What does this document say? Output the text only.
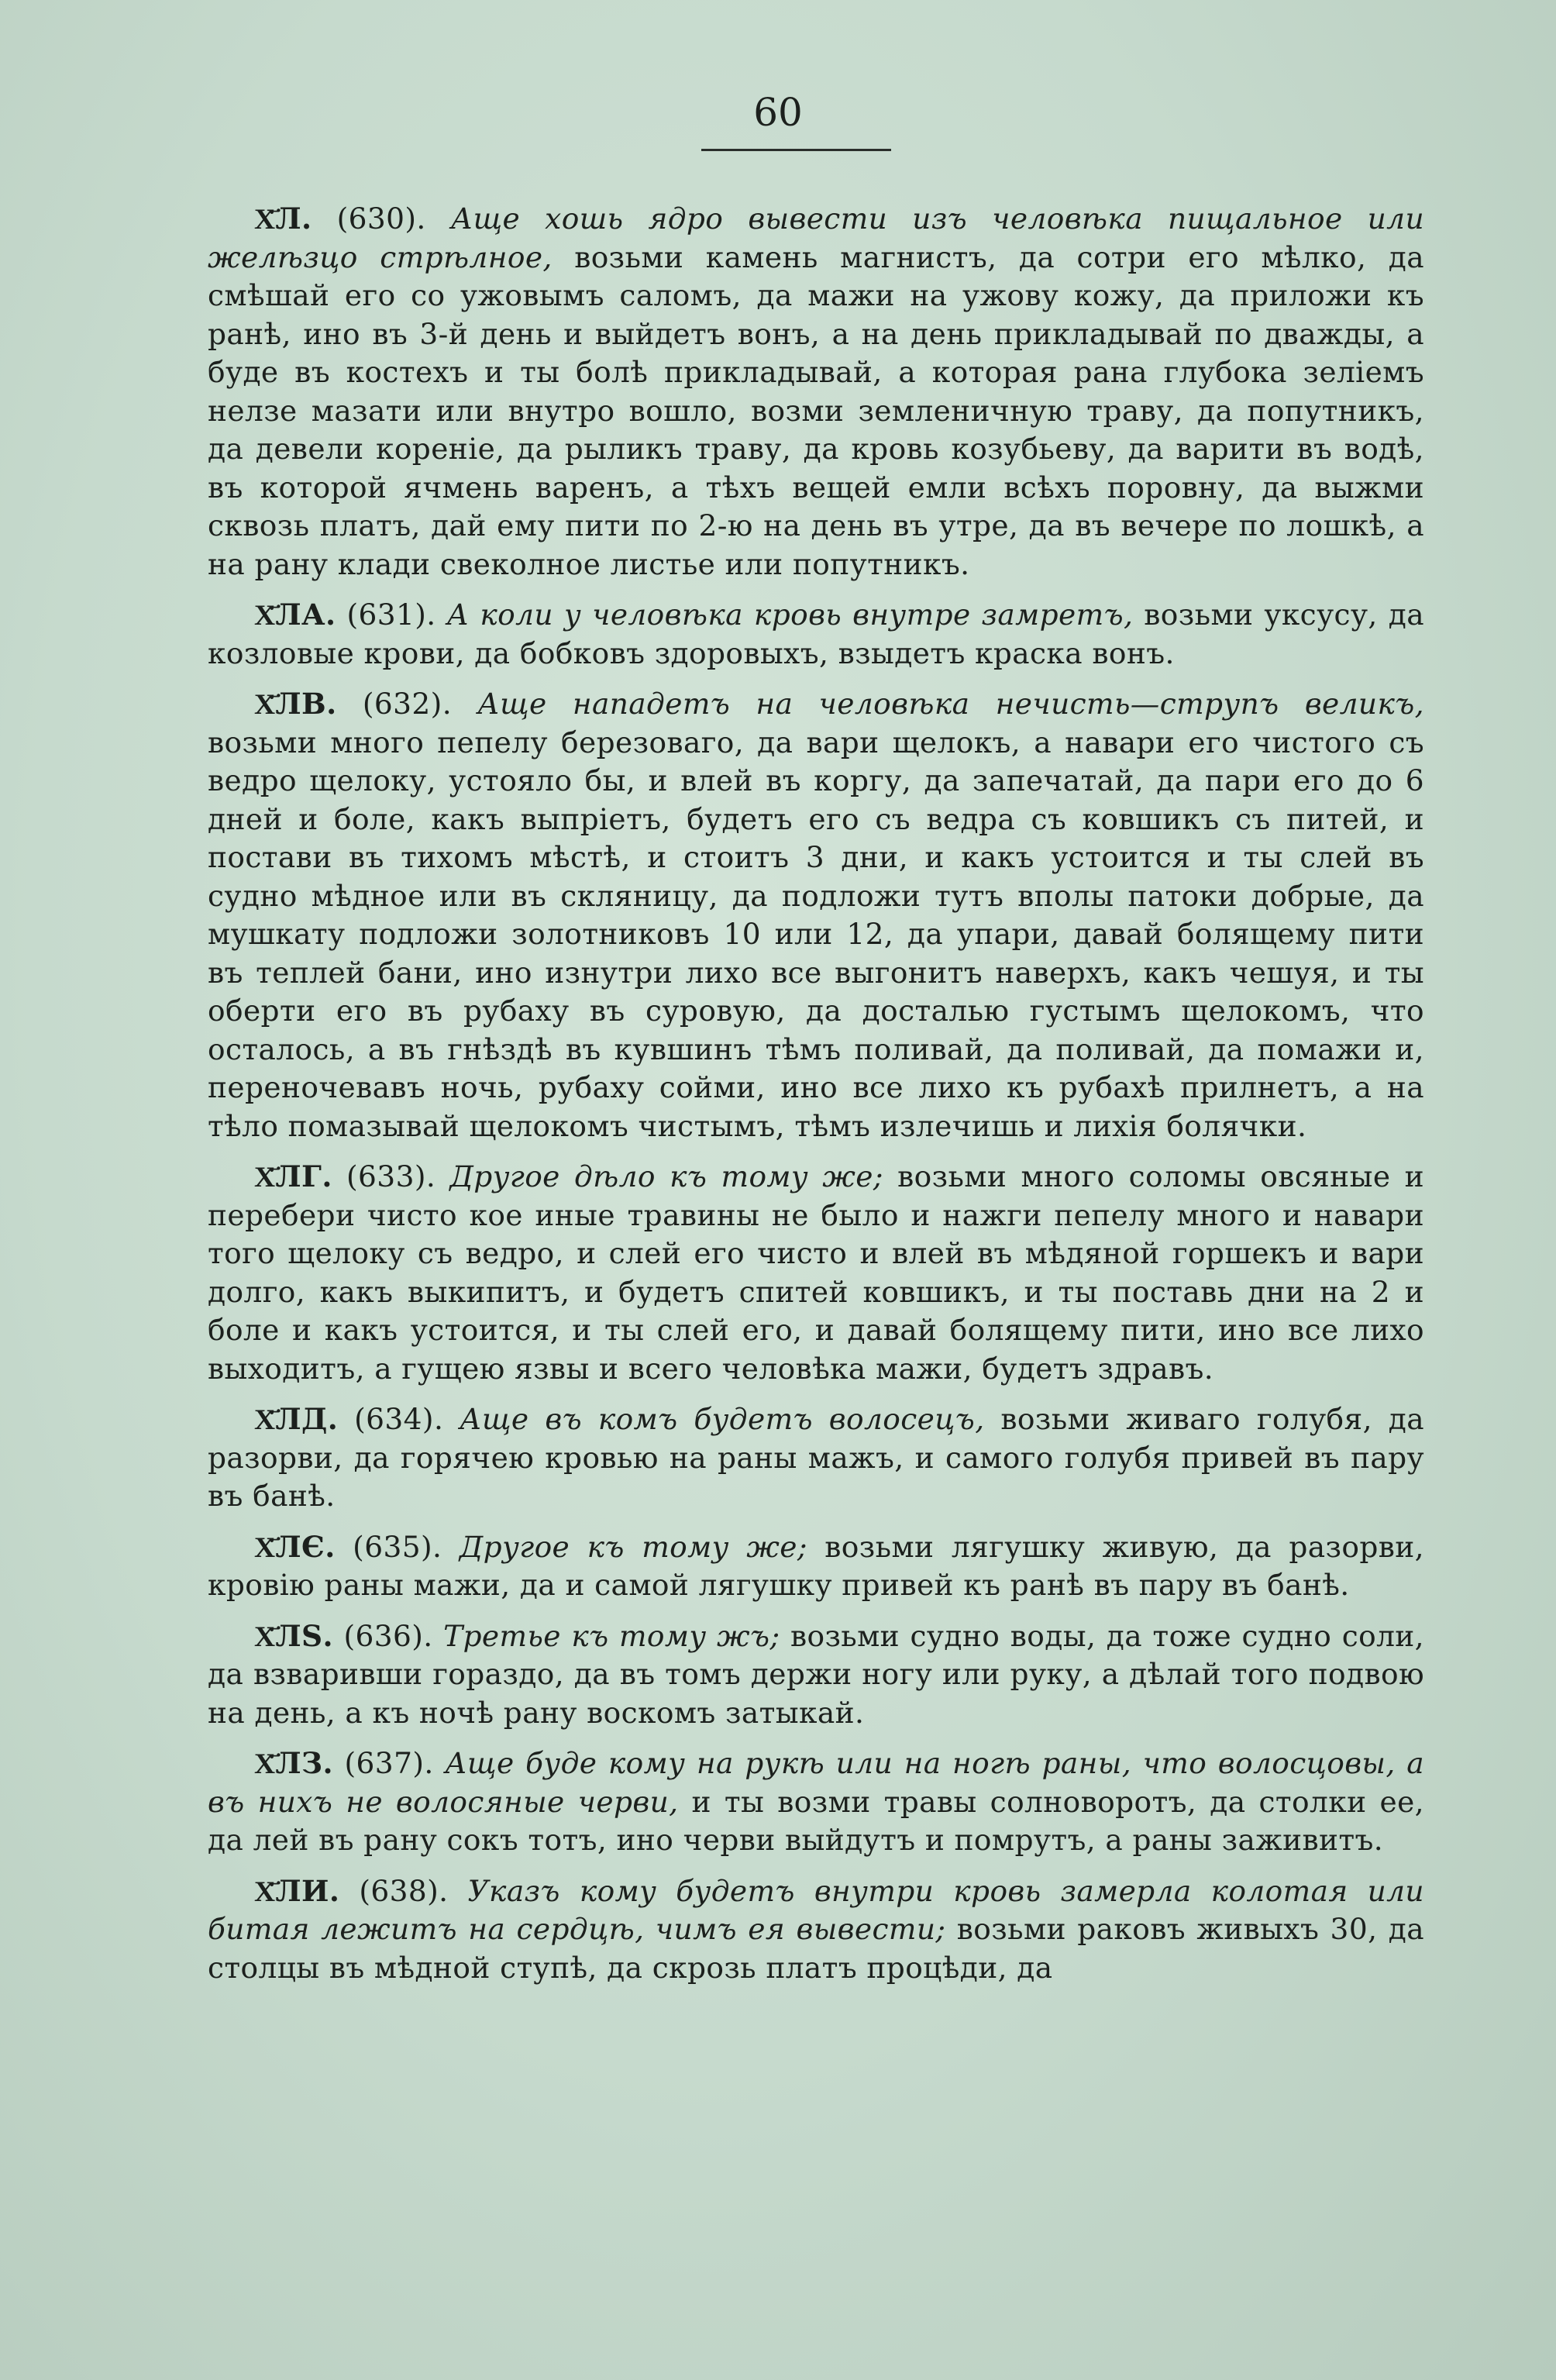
60

Х҃Л. (630). Аще хошь ядро вывести изъ человѣка пищальное или желѣзцо стрѣлное, возьми камень магнистъ, да сотри его мѣлко, да смѣшай его со ужовымъ саломъ, да мажи на ужову кожу, да приложи къ ранѣ, ино въ 3-й день и выйдетъ вонъ, а на день прикладывай по дважды, а буде въ костехъ и ты болѣ прикладывай, а которая рана глубока зеліемъ нелзе мазати или внутро вошло, возми земленичную траву, да попутникъ, да девели кореніе, да рыликъ траву, да кровь козубьеву, да варити въ водѣ, въ которой ячмень варенъ, а тѣхъ вещей емли всѣхъ поровну, да выжми сквозь платъ, дай ему пити по 2-ю на день въ утре, да въ вечере по лошкѣ, а на рану клади свеколное листье или попутникъ.

Х҃ЛА. (631). А коли у человѣка кровь внутре замретъ, возьми уксусу, да козловые крови, да бобковъ здоровыхъ, взыдетъ краска вонъ.

Х҃ЛВ. (632). Аще нападетъ на человѣка нечисть—струпъ великъ, возьми много пепелу березоваго, да вари щелокъ, а навари его чистого съ ведро щелоку, устояло бы, и влей въ коргу, да запечатай, да пари его до 6 дней и боле, какъ выпріетъ, будетъ его съ ведра съ ковшикъ съ питей, и постави въ тихомъ мѣстѣ, и стоитъ 3 дни, и какъ устоится и ты слей въ судно мѣдное или въ скляницу, да подложи тутъ вполы патоки добрые, да мушкату подложи золотниковъ 10 или 12, да упари, давай болящему пити въ теплей бани, ино изнутри лихо все выгонитъ наверхъ, какъ чешуя, и ты оберти его въ рубаху въ суровую, да досталью густымъ щелокомъ, что осталось, а въ гнѣздѣ въ кувшинъ тѣмъ поливай, да поливай, да помажи и, переночевавъ ночь, рубаху сойми, ино все лихо къ рубахѣ прилнетъ, а на тѣло помазывай щелокомъ чистымъ, тѣмъ излечишь и лихія болячки.

Х҃ЛГ. (633). Другое дѣло къ тому же; возьми много соломы овсяные и перебери чисто кое иные травины не было и нажги пепелу много и навари того щелоку съ ведро, и слей его чисто и влей въ мѣдяной горшекъ и вари долго, какъ выкипитъ, и будетъ спитей ковшикъ, и ты поставь дни на 2 и боле и какъ устоится, и ты слей его, и давай болящему пити, ино все лихо выходитъ, а гущею язвы и всего человѣка мажи, будетъ здравъ.

Х҃ЛД. (634). Аще въ комъ будетъ волосецъ, возьми живаго голубя, да разорви, да горячею кровью на раны мажъ, и самого голубя привей въ пару въ банѣ.

Х҃ЛЄ. (635). Другое къ тому же; возьми лягушку живую, да разорви, кровію раны мажи, да и самой лягушку привей къ ранѣ въ пару въ банѣ.

Х҃ЛЅ. (636). Третье къ тому жъ; возьми судно воды, да тоже судно соли, да взваривши гораздо, да въ томъ держи ногу или руку, а дѣлай того подвою на день, а къ ночѣ рану воскомъ затыкай.

Х҃ЛЗ. (637). Аще буде кому на рукѣ или на ногѣ раны, что волосцовы, а въ нихъ не волосяные черви, и ты возми травы солноворотъ, да столки ее, да лей въ рану сокъ тотъ, ино черви выйдутъ и помрутъ, а раны заживитъ.

Х҃ЛИ. (638). Указъ кому будетъ внутри кровь замерла колотая или битая лежитъ на сердцѣ, чимъ ея вывести; возьми раковъ живыхъ 30, да столцы въ мѣдной ступѣ, да скрозь платъ процѣди, да
